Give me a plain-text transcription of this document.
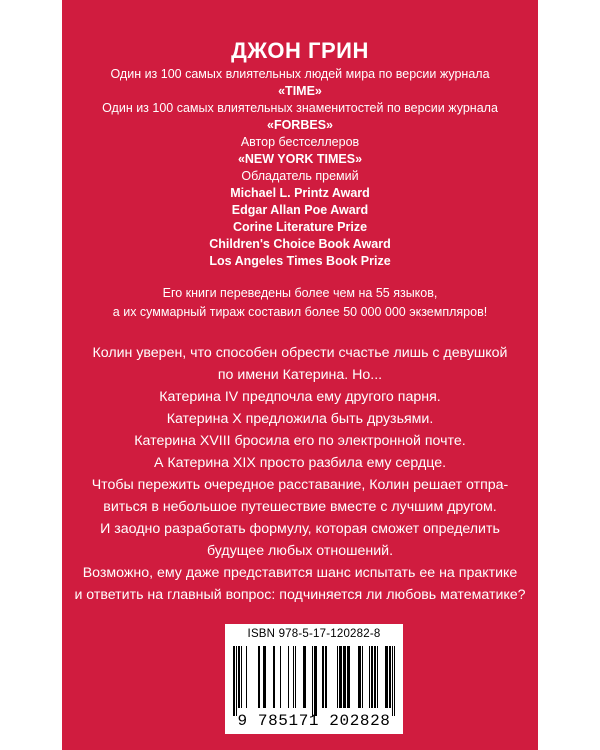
ДЖОН ГРИН
Один из 100 самых влиятельных людей мира по версии журнала
«TIME»
Один из 100 самых влиятельных знаменитостей по версии журнала
«FORBES»
Автор бестселлеров
«NEW YORK TIMES»
Обладатель премий
Michael L. Printz Award
Edgar Allan Poe Award
Corine Literature Prize
Children's Choice Book Award
Los Angeles Times Book Prize
Его книги переведены более чем на 55 языков,
а их суммарный тираж составил более 50 000 000 экземпляров!
Колин уверен, что способен обрести счастье лишь с девушкой
по имени Катерина. Но...
Катерина IV предпочла ему другого парня.
Катерина X предложила быть друзьями.
Катерина XVIII бросила его по электронной почте.
А Катерина XIX просто разбила ему сердце.
Чтобы пережить очередное расставание, Колин решает отпра-
виться в небольшое путешествие вместе с лучшим другом.
И заодно разработать формулу, которая сможет определить
будущее любых отношений.
Возможно, ему даже представится шанс испытать ее на практике
и ответить на главный вопрос: подчиняется ли любовь математике?
ISBN 978-5-17-120282-8
9 785171 202828
